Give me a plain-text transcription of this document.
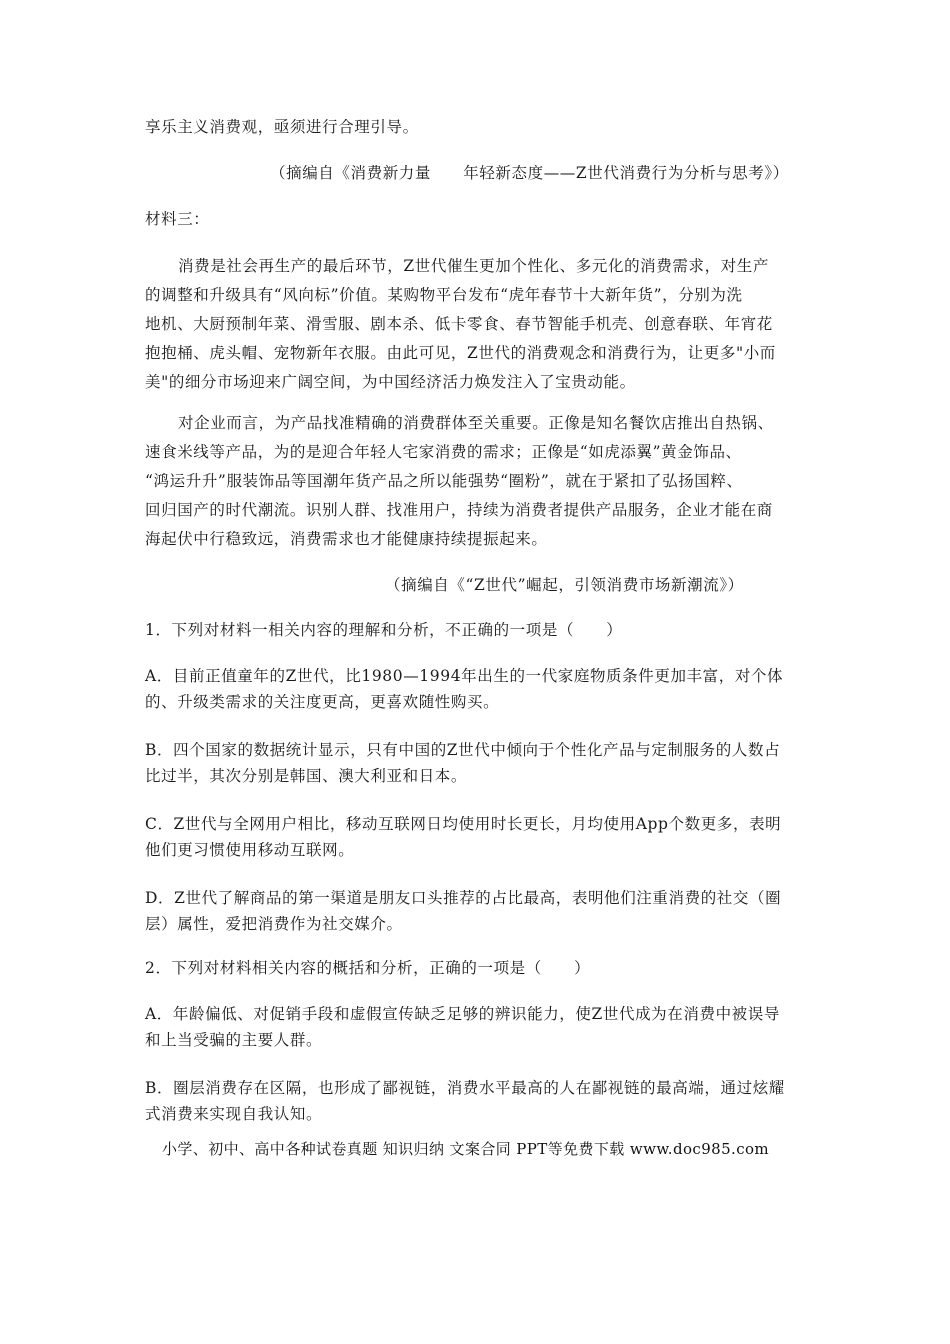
享乐主义消费观，亟须进行合理引导。
（摘编自《消费新力量　　年轻新态度——Z世代消费行为分析与思考》）
材料三：
消费是社会再生产的最后环节，Z世代催生更加个性化、多元化的消费需求，对生产
的调整和升级具有“风向标”价值。某购物平台发布“虎年春节十大新年货”，分别为洗
地机、大厨预制年菜、滑雪服、剧本杀、低卡零食、春节智能手机壳、创意春联、年宵花
抱抱桶、虎头帽、宠物新年衣服。由此可见，Z世代的消费观念和消费行为，让更多"小而
美"的细分市场迎来广阔空间，为中国经济活力焕发注入了宝贵动能。
对企业而言，为产品找准精确的消费群体至关重要。正像是知名餐饮店推出自热锅、
速食米线等产品，为的是迎合年轻人宅家消费的需求；正像是“如虎添翼”黄金饰品、
“鸿运升升”服装饰品等国潮年货产品之所以能强势“圈粉”，就在于紧扣了弘扬国粹、
回归国产的时代潮流。识别人群、找准用户，持续为消费者提供产品服务，企业才能在商
海起伏中行稳致远，消费需求也才能健康持续提振起来。
（摘编自《“Z世代”崛起，引领消费市场新潮流》）
1．下列对材料一相关内容的理解和分析，不正确的一项是（　　）
A．目前正值童年的Z世代，比1980—1994年出生的一代家庭物质条件更加丰富，对个体
的、升级类需求的关注度更高，更喜欢随性购买。
B．四个国家的数据统计显示，只有中国的Z世代中倾向于个性化产品与定制服务的人数占
比过半，其次分别是韩国、澳大利亚和日本。
C．Z世代与全网用户相比，移动互联网日均使用时长更长，月均使用App个数更多，表明
他们更习惯使用移动互联网。
D．Z世代了解商品的第一渠道是朋友口头推荐的占比最高，表明他们注重消费的社交（圈
层）属性，爱把消费作为社交媒介。
2．下列对材料相关内容的概括和分析，正确的一项是（　　）
A．年龄偏低、对促销手段和虚假宣传缺乏足够的辨识能力，使Z世代成为在消费中被误导
和上当受骗的主要人群。
B．圈层消费存在区隔，也形成了鄙视链，消费水平最高的人在鄙视链的最高端，通过炫耀
式消费来实现自我认知。
小学、初中、高中各种试卷真题 知识归纳 文案合同 PPT等免费下载 www.doc985.com
